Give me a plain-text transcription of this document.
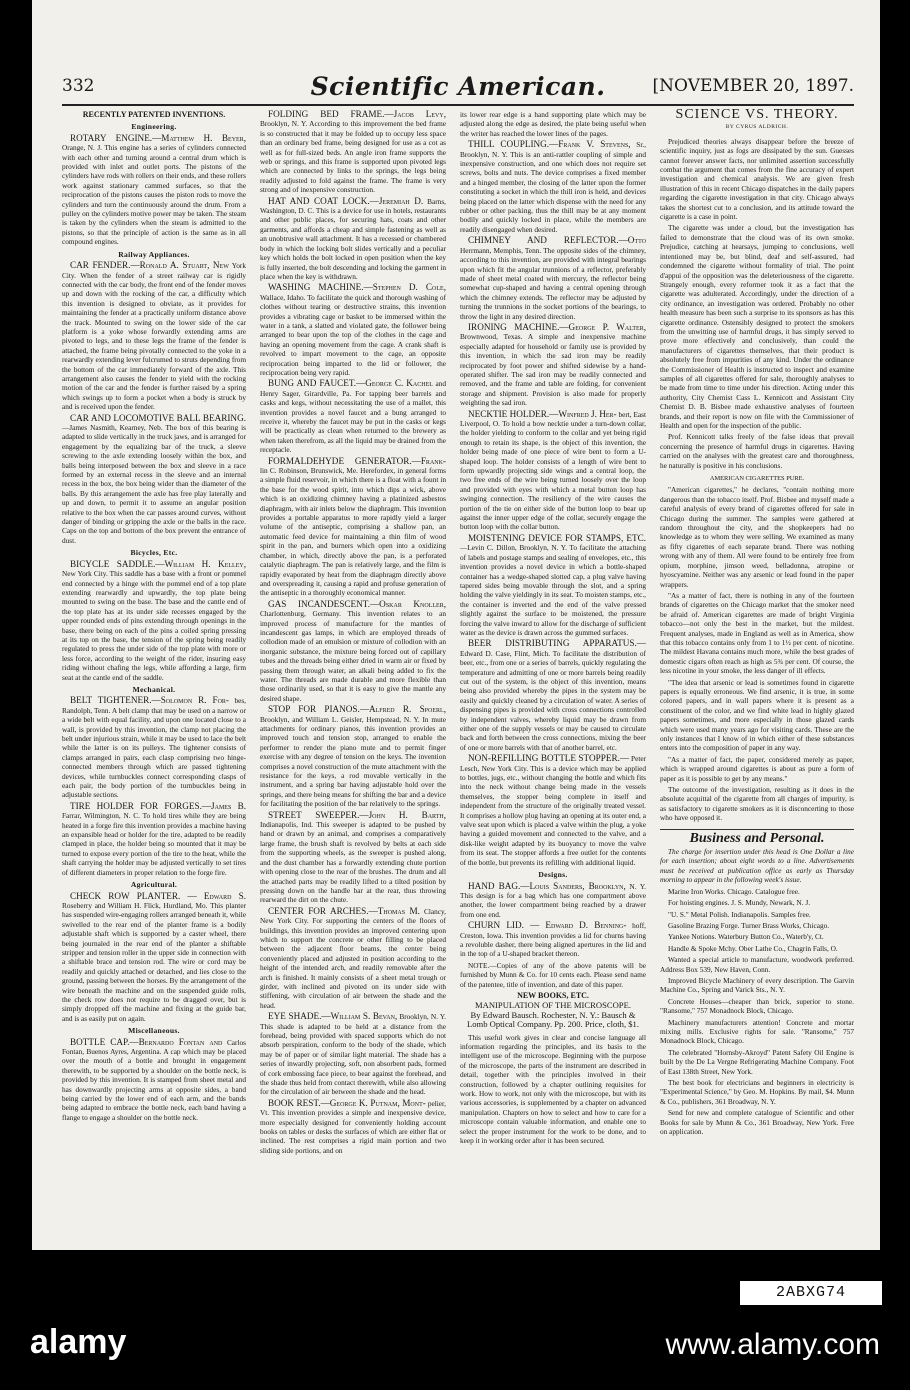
332	Scientific American.	[NOVEMBER 20, 1897.
RECENTLY PATENTED INVENTIONS.
Engineering.

ROTARY ENGINE.—Matthew H. Beyer, Orange, N. J. This engine has a series of cylinders connected with each other and turning around a central drum which is provided with inlet and outlet ports. The pistons of the cylinders have rods with rollers on their ends, and these rollers work against stationary cammed surfaces, so that the reciprocation of the pistons causes the piston rods to move the cylinders and turn the continuously around the drum. From a pulley on the cylinders motive power may be taken. The steam is taken by the cylinders when the steam is admitted to the pistons, so that the principle of action is the same as in all compound engines.

Railway Appliances.

CAR FENDER.—Ronald A. Stuart, New York City. When the fender of a street railway car is rigidly connected with the car body, the front end of the fender moves up and down with the rocking of the car, a difficulty which this invention is designed to obviate, as it provides for maintaining the fender at a practically uniform distance above the track. Mounted to swing on the lower side of the car platform is a yoke whose forwardly extending arms are pivoted to legs, and to these legs the frame of the fender is attached, the frame being pivotally connected to the yoke in a rearwardly extending lever fulcrumed to struts depending from the bottom of the car immediately forward of the axle. This arrangement also causes the fender to yield with the rocking motion of the car and the fender is further raised by a spring which swings up to form a pocket when a body is struck by and is received upon the fender.

CAR AND LOCOMOTIVE BALL BEARING. —James Nasmith, Kearney, Neb. The box of this bearing is adapted to slide vertically in the truck jaws, and is arranged for engagement by the equalizing bar of the truck, a sleeve screwing to the axle extending loosely within the box, and balls being interposed between the box and sleeve in a race formed by an external recess in the sleeve and an internal recess in the box, the box being wider than the diameter of the balls. By this arrangement the axle has free play laterally and up and down, to permit it to assume an angular position relative to the box when the car passes around curves, without danger of binding or gripping the axle or the balls in the race. Caps on the top and bottom of the box prevent the entrance of dust.

Bicycles, Etc.

BICYCLE SADDLE.—William H. Kelley, New York City. This saddle has a base with a front or pommel end connected by a hinge with the pommel end of a top plate extending rearwardly and upwardly, the top plate being mounted to swing on the base. The base and the cantle end of the top plate has at its under side recesses engaged by the upper rounded ends of pins extending through openings in the base, there being on each of the pins a coiled spring pressing at its top on the base, the tension of the spring being readily regulated to press the under side of the top plate with more or less force, according to the weight of the rider, insuring easy riding without chafing the legs, while affording a large, firm seat at the cantle end of the saddle.

Mechanical.

BELT TIGHTENER.—Solomon R. For- bes, Randolph, Tenn. A belt clamp that may be used on a narrow or a wide belt with equal facility, and upon one located close to a wall, is provided by this invention, the clamp not placing the belt under injurious strain, while it may be used to lace the belt while the latter is on its pulleys. The tightener consists of clamps arranged in pairs, each clasp comprising two hinge-connected members through which are passed tightening devices, while turnbuckles connect corresponding clasps of each pair, the body portion of the turnbuckles being in adjustable sections.

TIRE HOLDER FOR FORGES.—James B. Farrar, Wilmington, N. C. To hold tires while they are being heated in a forge fire this invention provides a machine having an expansible head or holder for the tire, adapted to be readily clamped in place, the holder being so mounted that it may be turned to expose every portion of the tire to the heat, while the shaft carrying the holder may be adjusted vertically to set tires of different diameters in proper relation to the forge fire.

Agricultural.

CHECK ROW PLANTER. — Edward S. Roseberry and William H. Flick, Hurdland, Mo. This planter has suspended wire-engaging rollers arranged beneath it, while swivelled to the rear end of the planter frame is a bodily adjustable shaft which is supported by a caster wheel, there being journaled in the rear end of the planter a shiftable stripper and tension roller in the upper side in connection with a shiftable brace and tension rod. The wire or cord may be readily and quickly attached or detached, and lies close to the ground, passing between the horses. By the arrangement of the wire beneath the machine and on the suspended guide rolls, the check row does not require to be dragged over, but is simply dropped off the machine and fixing at the guide bar, and is as easily put on again.

Miscellaneous.

BOTTLE CAP.—Bernardo Fontan and Carlos Fontan, Buenos Ayres, Argentina. A cap which may be placed over the mouth of a bottle and brought in engagement therewith, to be supported by a shoulder on the bottle neck, is provided by this invention. It is stamped from sheet metal and has downwardly projecting arms at opposite sides, a band being carried by the lower end of each arm, and the bands being adapted to embrace the bottle neck, each band having a flange to engage a shoulder on the bottle neck.

FOLDING BED FRAME.—Jacob Levy, Brooklyn, N. Y. According to this improvement the bed frame is so constructed that it may be folded up to occupy less space than an ordinary bed frame, being designed for use as a cot as well as for full-sized beds. An angle iron frame supports the web or springs, and this frame is supported upon pivoted legs which are connected by links to the springs, the legs being readily adjusted to fold against the frame. The frame is very strong and of inexpensive construction.

HAT AND COAT LOCK.—Jeremiah D. Barns, Washington, D. C. This is a device for use in hotels, restaurants and other public places, for securing hats, coats and other garments, and affords a cheap and simple fastening as well as an unobtrusive wall attachment. It has a recessed or chambered body in which the locking bolt slides vertically and a peculiar key which holds the bolt locked in open position when the key is fully inserted, the bolt descending and locking the garment in place when the key is withdrawn.

WASHING MACHINE.—Stephen D. Cole, Wallace, Idaho. To facilitate the quick and thorough washing of clothes without tearing or destructive strains, this invention provides a vibrating cage or basket to be immersed within the water in a tank, a slatted and violated gate, the follower being arranged to bear upon the top of the clothes in the cage and having an opening movement from the cage. A crank shaft is revolved to impart movement to the cage, an opposite reciprocation being imparted to the lid or follower, the reciprocation being very rapid.

BUNG AND FAUCET.—George C. Kachel and Henry Sager, Girardville, Pa. For tapping beer barrels and casks and kegs, without necessitating the use of a mallet, this invention provides a novel faucet and a bung arranged to receive it, whereby the faucet may be put in the casks or kegs will be practically as clean when returned to the brewery as when taken therefrom, as all the liquid may be drained from the receptacle.

FORMALDEHYDE GENERATOR.—Frank- lin C. Robinson, Brunswick, Me. Herefordex, in general forms a simple fluid reservoir, in which there is a float with a fount in the base for the wood spirit, into which dips a wick, above which is an oxidizing chimney having a platinized asbestos diaphragm, with air inlets below the diaphragm. This invention provides a portable apparatus to more rapidly yield a larger volume of the antiseptic, comprising a shallow pan, an automatic feed device for maintaining a thin film of wood spirit in the pan, and burners which open into a oxidizing chamber, in which, directly above the pan, is a perforated catalytic diaphragm. The pan is relatively large, and the film is rapidly evaporated by heat from the diaphragm directly above and overspreading it, causing a rapid and profuse generation of the antiseptic in a thoroughly economical manner.

GAS INCANDESCENT.—Oskar Knoller, Charlottenburg, Germany. This invention relates to an improved process of manufacture for the mantles of incandescent gas lamps, in which are employed threads of collodion made of an emulsion or mixture of collodion with an inorganic substance, the mixture being forced out of capillary tubes and the threads being either dried in warm air or fixed by passing them through water, an alkali being added to fix the water. The threads are made durable and more flexible than those ordinarily used, so that it is easy to give the mantle any desired shape.

STOP FOR PIANOS.—Alfred R. Spoerl, Brooklyn, and William L. Geisler, Hempstead, N. Y. In mute attachments for ordinary pianos, this invention provides an improved touch and tension stop, arranged to enable the performer to render the piano mute and to permit finger exercise with any degree of tension on the keys. The invention comprises a novel construction of the mute attachment with the resistance for the keys, a rod movable vertically in the instrument, and a spring bar having adjustable hold over the springs, and there being means for shifting the bar and a device for facilitating the position of the bar relatively to the springs.

STREET SWEEPER.—John H. Barth, Indianapolis, Ind. This sweeper is adapted to be pushed by hand or drawn by an animal, and comprises a comparatively large frame, the brush shaft is revolved by belts at each side from the supporting wheels, as the sweeper is pushed along, and the dust chamber has a forwardly extending chute portion with opening close to the rear of the brushes. The drum and all the attached parts may be readily lifted to a tilted position by pressing down on the handle bar at the rear, thus throwing rearward the dirt on the chute.

CENTER FOR ARCHES.—Thomas M. Clancy, New York City. For supporting the centers of the floors of buildings, this invention provides an improved centering upon which to support the concrete or other filling to be placed between the adjacent floor beams, the center being conveniently placed and adjusted in position according to the height of the intended arch, and readily removable after the arch is finished. It mainly consists of a sheet metal trough or girder, with inclined and pivoted on its under side with stiffening, with circulation of air between the shade and the head.

EYE SHADE.—William S. Bevan, Brooklyn, N. Y. This shade is adapted to be held at a distance from the forehead, being provided with spaced supports which do not absorb perspiration, conform to the body of the shade, which may be of paper or of similar light material. The shade has a series of inwardly projecting, soft, non absorbent pads, formed of cork embossing face piece, to bear against the forehead, and the shade thus held from contact therewith, while also allowing for the circulation of air between the shade and the head.

BOOK REST.—George K. Putnam, Mont- pelier, Vt. This invention provides a simple and inexpensive device, more especially designed for conveniently holding account books on tables or desks the surfaces of which are either flat or inclined. The rest comprises a rigid main portion and two sliding side portions, and on

its lower rear edge is a hand supporting plate which may be adjusted along the edge as desired, the plate being useful when the writer has reached the lower lines of the pages.

THILL COUPLING.—Frank V. Stevens, Sr., Brooklyn, N. Y. This is an anti-rattler coupling of simple and inexpensive construction, and one which does not require set screws, bolts and nuts. The device comprises a fixed member and a hinged member, the closing of the latter upon the former constituting a socket in which the thill iron is held, and devices being placed on the latter which dispense with the need for any rubber or other packing, thus the thill may be at any moment bodily and quickly locked in place, while the members are readily disengaged when desired.

CHIMNEY AND REFLECTOR.—Otto Herrmann, Memphis, Tenn. The opposite sides of the chimney, according to this invention, are provided with integral bearings upon which fit the angular trunnions of a reflector, preferably made of sheet metal coated with mercury, the reflector being somewhat cup-shaped and having a central opening through which the chimney extends. The reflector may be adjusted by turning the trunnions in the socket portions of the bearings, to throw the light in any desired direction.

IRONING MACHINE.—George P. Walter, Brownwood, Texas. A simple and inexpensive machine especially adapted for household or family use is provided by this invention, in which the sad iron may be readily reciprocated by foot power and shifted sidewise by a hand-operated shifter. The sad iron may be readily connected and removed, and the frame and table are folding, for convenient storage and shipment. Provision is also made for properly weighting the sad iron.

NECKTIE HOLDER.—Winfred J. Her- bert, East Liverpool, O. To hold a bow necktie under a turn-down collar, the holder yielding to conform to the collar and yet being rigid enough to retain its shape, is the object of this invention, the holder being made of one piece of wire bent to form a U-shaped loop. The holder consists of a length of wire bent to form upwardly projecting side wings and a central loop, the two free ends of the wire being turned loosely over the loop and provided with eyes with which a metal button loop has swinging connection. The resiliency of the wire causes the portion of the tie on either side of the button loop to bear up against the inner upper edge of the collar, securely engage the button loop with the collar button.

MOISTENING DEVICE FOR STAMPS, ETC. —Levin C. Dillon, Brooklyn, N. Y. To facilitate the attaching of labels and postage stamps and sealing of envelopes, etc., this invention provides a novel device in which a bottle-shaped container has a wedge-shaped slotted cap, a plug valve having tapered sides being movable through the slot, and a spring holding the valve yieldingly in its seat. To moisten stamps, etc., the container is inverted and the end of the valve pressed slightly against the surface to be moistened, the pressure forcing the valve inward to allow for the discharge of sufficient water as the device is drawn across the gummed surfaces.

BEER DISTRIBUTING APPARATUS.— Edward D. Case, Flint, Mich. To facilitate the distribution of beer, etc., from one or a series of barrels, quickly regulating the temperature and admitting of one or more barrels being readily cut out of the system, is the object of this invention, means being also provided whereby the pipes in the system may be easily and quickly cleaned by a circulation of water. A series of dispensing pipes is provided with cross connections controlled by independent valves, whereby liquid may be drawn from either one of the supply vessels or may be caused to circulate back and forth between the cross connections, mixing the beer of one or more barrels with that of another barrel, etc.

NON-REFILLING BOTTLE STOPPER.— Peter Lesch, New York City. This is a device which may be applied to bottles, jugs, etc., without changing the bottle and which fits into the neck without change being made in the vessels themselves, the stopper being complete in itself and independent from the structure of the originally treated vessel. It comprises a hollow plug having an opening at its outer end, a valve seat upon which is placed a valve within the plug, a yoke having a guided movement and connected to the valve, and a disk-like weight adapted by its buoyancy to move the valve from its seat. The stopper affords a free outlet for the contents of the bottle, but prevents its refilling with additional liquid.

Designs.

HAND BAG.—Louis Sanders, Brooklyn, N. Y. This design is for a bag which has one compartment above another, the lower compartment being reached by a drawer from one end.

CHURN LID. — Edward D. Benning- hoff, Creston, Iowa. This invention provides a lid for churns having a revoluble dasher, there being aligned apertures in the lid and in the top of a U-shaped bracket thereon.

NOTE.—Copies of any of the above patents will be furnished by Munn & Co. for 10 cents each. Please send name of the patentee, title of invention, and date of this paper.

NEW BOOKS, ETC.
MANIPULATION OF THE MICROSCOPE.
By Edward Bausch. Rochester, N. Y.: Bausch & Lomb Optical Company. Pp. 200. Price, cloth, $1.

This useful work gives in clear and concise language all information regarding the principles, and its basis to the intelligent use of the microscope. Beginning with the purpose of the microscope, the parts of the instrument are described in detail, together with the principles involved in their construction, followed by a chapter outlining requisites for work. How to work, not only with the microscope, but with its various accessories, is supplemented by a chapter on advanced manipulation. Chapters on how to select and how to care for a microscope contain valuable information, and enable one to select the proper instrument for the work to be done, and to keep it in working order after it has been secured.

SCIENCE VS. THEORY.
BY CYRUS ALDRICH.

Prejudiced theories always disappear before the breeze of scientific inquiry, just as fogs are dissipated by the sun. Guesses cannot forever answer facts, nor unlimited assertion successfully combat the argument that comes from the fine accuracy of expert investigation and chemical analysis. We are given fresh illustration of this in recent Chicago dispatches in the daily papers regarding the cigarette investigation in that city. Chicago always takes the shortest cut to a conclusion, and its attitude toward the cigarette is a case in point.

The cigarette was under a cloud, but the investigation has failed to demonstrate that the cloud was of its own smoke. Prejudice, catching at hearsays, jumping to conclusions, well intentioned may be, but blind, deaf and self-assured, had condemned the cigarette without formality of trial. The point d'appui of the opposition was the deleteriousness of the cigarette. Strangely enough, every reformer took it as a fact that the cigarette was adulterated. Accordingly, under the direction of a city ordinance, an investigation was ordered. Probably no other health measure has been such a surprise to its sponsors as has this cigarette ordinance. Ostensibly designed to protect the smokers from the unwitting use of harmful drugs, it has simply served to prove more effectively and conclusively, than could the manufacturers of cigarettes themselves, that their product is absolutely free from impurities of any kind. Under the ordinance the Commissioner of Health is instructed to inspect and examine samples of all cigarettes offered for sale, thoroughly analyses to be made from time to time under his direction. Acting under this authority, City Chemist Cass L. Kennicott and Assistant City Chemist D. B. Bisbee made exhaustive analyses of fourteen brands, and their report is now on file with the Commissioner of Health and open for the inspection of the public.

Prof. Kennicott talks freely of the false ideas that prevail concerning the presence of harmful drugs in cigarettes. Having carried on the analyses with the greatest care and thoroughness, he naturally is positive in his conclusions.

AMERICAN CIGARETTES PURE.

"American cigarettes," he declares, "contain nothing more dangerous than the tobacco itself. Prof. Bisbee and myself made a careful analysis of every brand of cigarettes offered for sale in Chicago during the summer. The samples were gathered at random throughout the city, and the shopkeepers had no knowledge as to whom they were selling. We examined as many as fifty cigarettes of each separate brand. There was nothing wrong with any of them. All were found to be entirely free from opium, morphine, jimson weed, belladonna, atropine or hyoscyamine. Neither was any arsenic or lead found in the paper wrappers.

"As a matter of fact, there is nothing in any of the fourteen brands of cigarettes on the Chicago market that the smoker need be afraid of. American cigarettes are made of bright Virginia tobacco—not only the best in the market, but the mildest. Frequent analyses, made in England as well as in America, show that this tobacco contains only from 1 to 1½ per cent. of nicotine. The mildest Havana contains much more, while the best grades of domestic cigars often reach as high as 5¾ per cent. Of course, the less nicotine in your smoke, the less danger of ill effects.

"The idea that arsenic or lead is sometimes found in cigarette papers is equally erroneous. We find arsenic, it is true, in some colored papers, and in wall papers where it is present as a constituent of the color, and we find white lead in highly glazed papers sometimes, and more especially in those glazed cards which were used many years ago for visiting cards. These are the only instances that I know of in which either of these substances enters into the composition of paper in any way.

"As a matter of fact, the paper, considered merely as paper, which is wrapped around cigarettes is about as pure a form of paper as it is possible to get by any means."

The outcome of the investigation, resulting as it does in the absolute acquittal of the cigarette from all charges of impurity, is as satisfactory to cigarette smokers as it is disconcerting to those who have opposed it.

Business and Personal.

The charge for insertion under this head is One Dollar a line for each insertion; about eight words to a line. Advertisements must be received at publication office as early as Thursday morning to appear in the following week's issue.

Marine Iron Works. Chicago. Catalogue free.

For hoisting engines. J. S. Mundy, Newark, N. J.

"U. S." Metal Polish. Indianapolis. Samples free.

Gasoline Brazing Forge. Turner Brass Works, Chicago.

Yankee Notions. Waterbury Button Co., Waterb'y, Ct.

Handle & Spoke Mchy. Ober Lathe Co., Chagrin Falls, O.

Wanted a special article to manufacture, woodwork preferred. Address Box 539, New Haven, Conn.

Improved Bicycle Machinery of every description. The Garvin Machine Co., Spring and Varick Sts., N. Y.

Concrete Houses—cheaper than brick, superior to stone. "Ransome," 757 Monadnock Block, Chicago.

Machinery manufacturers attention! Concrete and mortar mixing mills. Exclusive rights for sale. "Ransome," 757 Monadnock Block, Chicago.

The celebrated "Hornsby-Akroyd" Patent Safety Oil Engine is built by the De La Vergne Refrigerating Machine Company. Foot of East 138th Street, New York.

The best book for electricians and beginners in electricity is "Experimental Science," by Geo. M. Hopkins. By mail, $4. Munn & Co., publishers, 361 Broadway, N. Y.

Send for new and complete catalogue of Scientific and other Books for sale by Munn & Co., 361 Broadway, New York. Free on application.

2ABXG74
alamy	www.alamy.com
